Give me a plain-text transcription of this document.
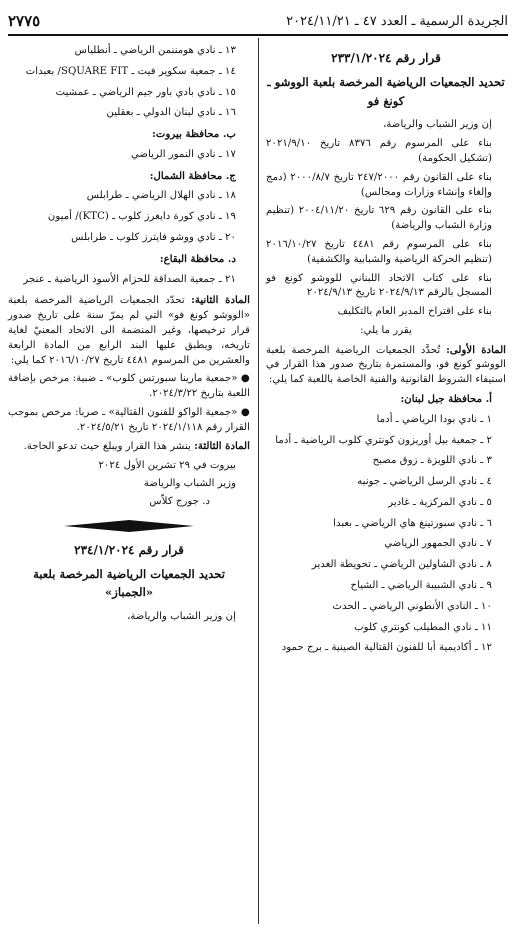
الجريدة الرسمية ـ العدد ٤٧ ـ ٢٠٢٤/١١/٢١
٢٧٧٥
قرار رقم ٢٣٣/١/٢٠٢٤
تحديد الجمعيات الرياضية المرخصة بلعبة الووشو ـ كونغ فو

إن وزير الشباب والرياضة،

بناء على المرسوم رقم ٨٣٧٦ تاريخ ٢٠٢١/٩/١٠ (تشكيل الحكومة)

بناء على القانون رقم ٢٤٧/٢٠٠٠ تاريخ ٢٠٠٠/٨/٧ (دمج وإلغاء وإنشاء وزارات ومجالس)

بناء على القانون رقم ٦٢٩ تاريخ ٢٠٠٤/١١/٢٠ (تنظيم وزارة الشباب والرياضة)

بناء على المرسوم رقم ٤٤٨١ تاريخ ٢٠١٦/١٠/٢٧ (تنظيم الحركة الرياضية والشبابية والكشفية)

بناء على كتاب الاتحاد اللبناني للووشو كونغ فو المسجل بالرقم ٢٠٢٤/٩/١٣ تاريخ ٢٠٢٤/٩/١٣

بناء على اقتراح المدير العام بالتكليف

يقرر ما يلي:

المادة الأولى: تُحدَّد الجمعيات الرياضية المرخصة بلعبة الووشو كونغ فو، والمستمرة بتاريخ صدور هذا القرار في استيفاء الشروط القانونية والفنية الخاصة باللعبة كما يلي:

أ. محافظة جبل لبنان:
١ ـ نادي بودا الرياضي ـ أدما
٢ ـ جمعية بيل أوريزون كونتري كلوب الرياضية ـ أدما
٣ ـ نادي اللويزة ـ زوق مصبح
٤ ـ نادي الرسل الرياضي ـ جونيه
٥ ـ نادي المركزية ـ غادير
٦ ـ نادي سبورتينغ هاي الرياضي ـ بعبدا
٧ ـ نادي الجمهور الرياضي
٨ ـ نادي الشاولين الرياضي ـ تحويطة الغدير
٩ ـ نادي الشبيبة الرياضي ـ الشياح
١٠ ـ النادي الأنطوني الرياضي ـ الحدث
١١ ـ نادي المطيلب كونتري كلوب
١٢ ـ أكاديمية أبا للفنون القتالية الصينية ـ برج حمود
١٣ ـ نادي هومننمن الرياضي ـ أنطلياس
١٤ ـ جمعية سكوير فيت ـ SQUARE FIT/ بعبدات
١٥ ـ نادي بادي باور جيم الرياضي ـ عمشيت
١٦ ـ نادي لبنان الدولي ـ بعقلين
ب. محافظة بيروت:
١٧ ـ نادي النمور الرياضي
ج. محافظة الشمال:
١٨ ـ نادي الهلال الرياضي ـ طرابلس
١٩ ـ نادي كورة دايغرز كلوب ـ (KTC)/ أميون
٢٠ ـ نادي ووشو فايترز كلوب ـ طرابلس
د. محافظة البقاع:
٢١ ـ جمعية الصداقة للحزام الأسود الرياضية ـ عنجر

المادة الثانية: تحدّد الجمعيات الرياضية المرخصة بلعبة «الووشو كونغ فو» التي لم يمرّ سنة على تاريخ صدور قرار ترخيصها، وغير المنضمة الى الاتحاد المعنيّ لغاية تاريخه، ويطبق عليها البند الرابع من المادة الرابعة والعشرين من المرسوم ٤٤٨١ تاريخ ٢٠١٦/١٠/٢٧ كما يلي:

● «جمعية مارينا سبورتس كلوب» ـ ضبية: مرخص بإضافة اللعبة بتاريخ ٢٠٢٤/٣/٢٢.

● «جمعية الواكو للفنون القتالية» ـ صربا: مرخص بموجب القرار رقم ٢٠٢٤/١/١١٨ تاريخ ٢٠٢٤/٥/٢١.

المادة الثالثة: ينشر هذا القرار ويبلغ حيث تدعو الحاجة.

بيروت في ٢٩ تشرين الأول ٢٠٢٤
وزير الشباب والرياضة
د. جورج كلاّس
قرار رقم ٢٣٤/١/٢٠٢٤
تحديد الجمعيات الرياضية المرخصة بلعبة «الجمباز»

إن وزير الشباب والرياضة،
